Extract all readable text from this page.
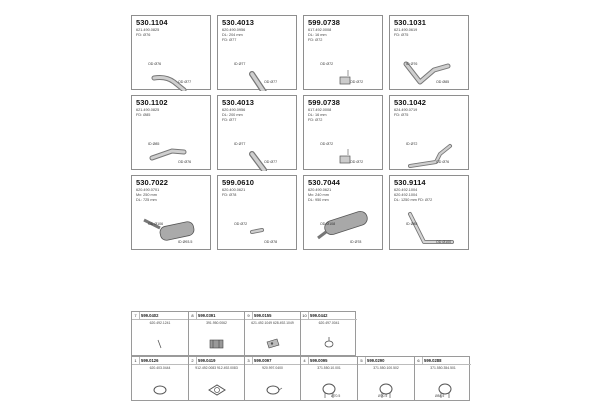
530.1104
621.490.0825
FD: Ø76
OD Ø76
OD Ø77
530.4013
620.490.0956
DL: 204 mm
FD: Ø77
ID Ø77
OD Ø77
599.0738
617.492.0008
DL: 16 mm
FD: Ø72
OD Ø72
OD Ø72
530.1031
621.490.0619
FD: Ø75
ID Ø76
OD Ø85
530.1102
621.490.0825
FD: Ø85
ID Ø85
OD Ø76
530.4013
620.490.0956
DL: 200 mm
FD: Ø77
ID Ø77
OD Ø77
599.0738
617.492.0008
DL: 16 mm
FD: Ø72
OD Ø72
OD Ø72
530.1042
624.490.0719
FD: Ø75
ID Ø72
OD Ø76
530.7022
620.490.0701
Mx: 250 mm
DL: 725 mm
OD Ø106
ID Ø93.5
599.0610
620.400.0621
FD: Ø78
OD Ø72
OD Ø78
530.7044
620.490.0621
Mx: 240 mm
DL: 950 mm
OD Ø108
ID Ø78
530.9114
620.492.1004
620.492.1004
DL: 1250 mm FD: Ø72
ID Ø85
OD Ø100
7	599.0402
620.492.1241
8	599.0391
391.950.0062
9	599.0155
621.492.1049 628.492.1049
10 599.0442
620.497.0041
1	599.0126
620.403.0444
2	599.0419
912.492.0083 912.492.0083
3	599.0097
920.997.0400
4	599.0095
371.550.10.001
Ø70.5
5	599.0290
371.550.100.502
Ø70.5
6	599.0288
371.550.354.501
Ø84.5
